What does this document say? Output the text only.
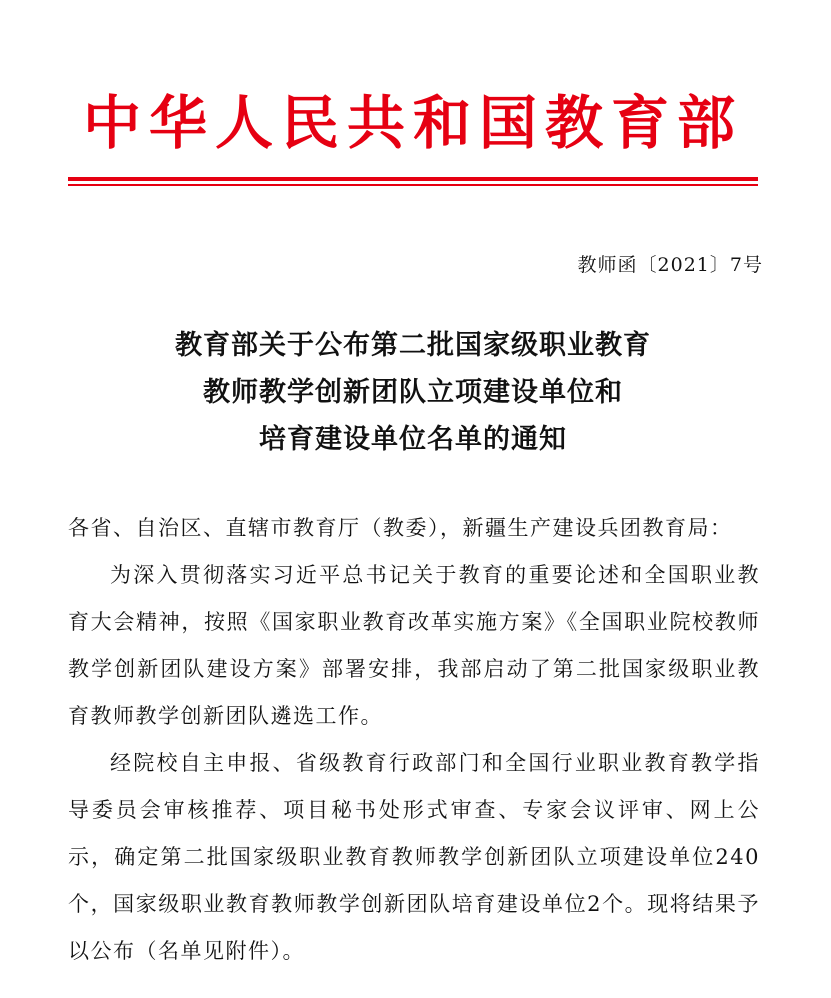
中华人民共和国教育部
教师函〔2021〕7号
教育部关于公布第二批国家级职业教育
教师教学创新团队立项建设单位和
培育建设单位名单的通知

各省、自治区、直辖市教育厅（教委），新疆生产建设兵团教育局：

为深入贯彻落实习近平总书记关于教育的重要论述和全国职业教育大会精神，按照《国家职业教育改革实施方案》《全国职业院校教师教学创新团队建设方案》部署安排，我部启动了第二批国家级职业教育教师教学创新团队遴选工作。

经院校自主申报、省级教育行政部门和全国行业职业教育教学指导委员会审核推荐、项目秘书处形式审查、专家会议评审、网上公示，确定第二批国家级职业教育教师教学创新团队立项建设单位240个，国家级职业教育教师教学创新团队培育建设单位2个。现将结果予以公布（名单见附件）。
